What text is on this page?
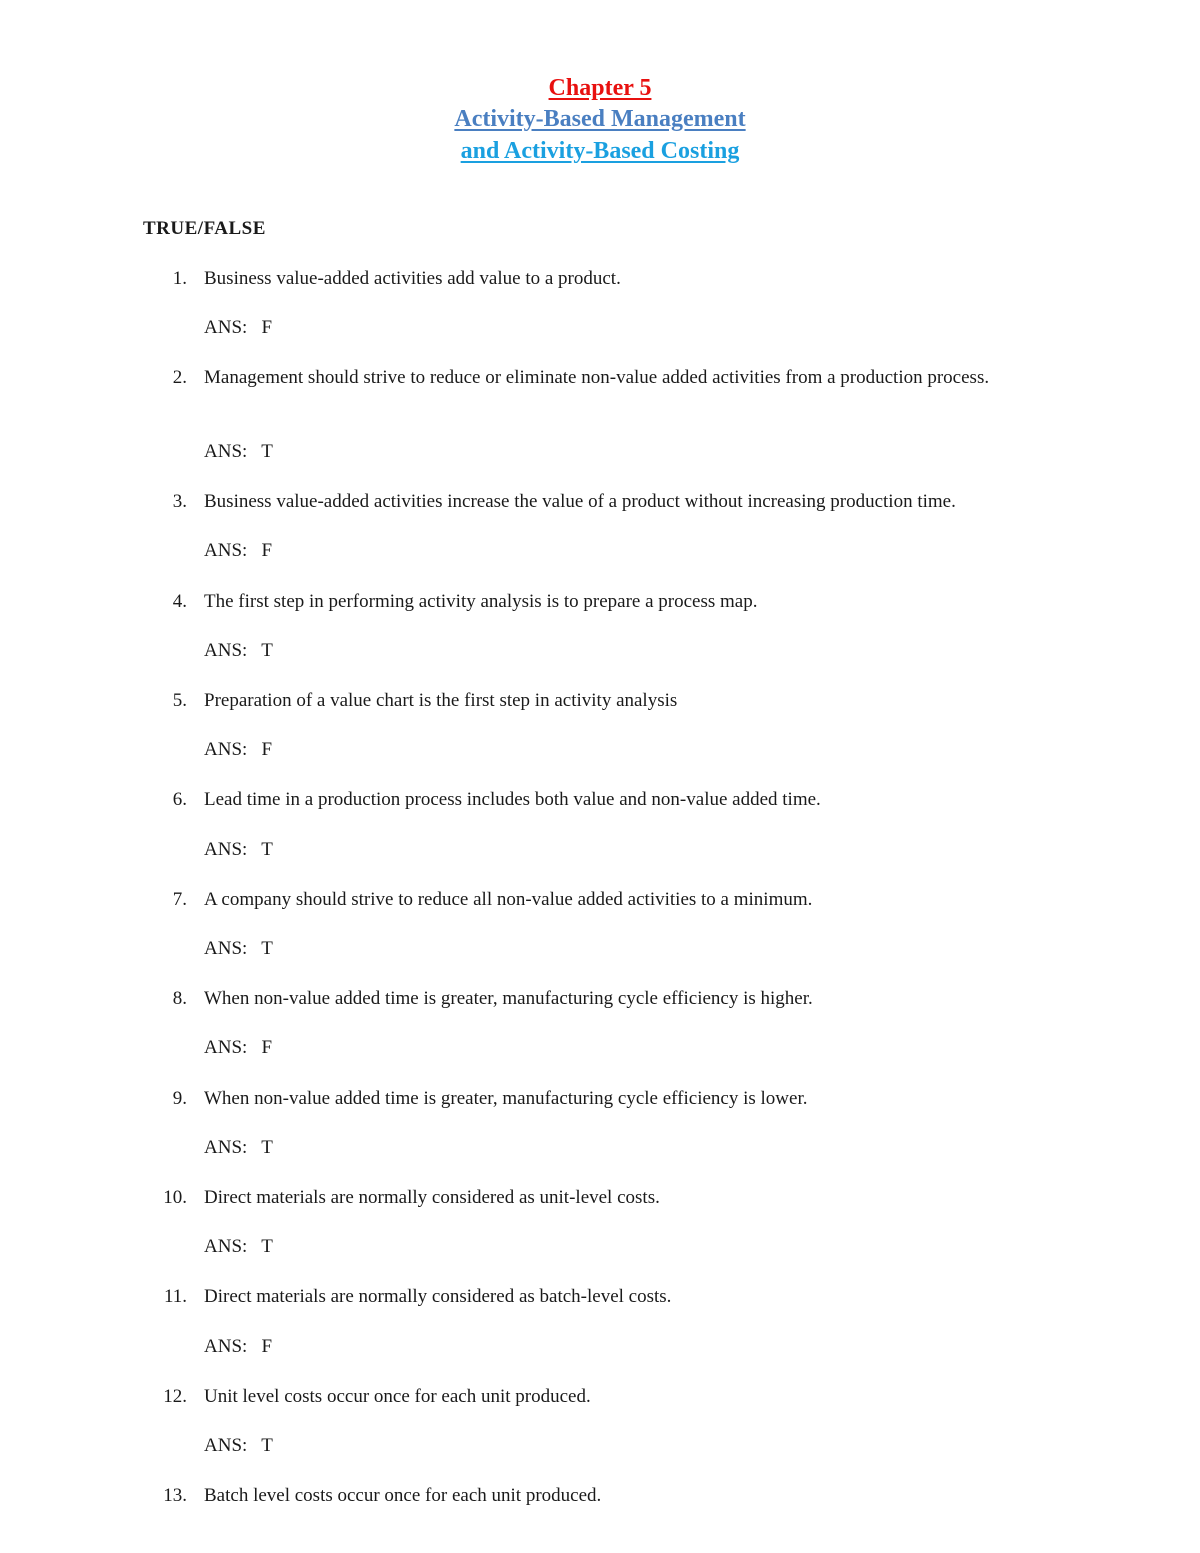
Chapter 5
Activity-Based Management
and Activity-Based Costing
TRUE/FALSE
1. Business value-added activities add value to a product.
ANS:   F
2. Management should strive to reduce or eliminate non-value added activities from a production process.
ANS:   T
3. Business value-added activities increase the value of a product without increasing production time.
ANS:   F
4. The first step in performing activity analysis is to prepare a process map.
ANS:   T
5. Preparation of a value chart is the first step in activity analysis
ANS:   F
6. Lead time in a production process includes both value and non-value added time.
ANS:   T
7. A company should strive to reduce all non-value added activities to a minimum.
ANS:   T
8. When non-value added time is greater, manufacturing cycle efficiency is higher.
ANS:   F
9. When non-value added time is greater, manufacturing cycle efficiency is lower.
ANS:   T
10. Direct materials are normally considered as unit-level costs.
ANS:   T
11. Direct materials are normally considered as batch-level costs.
ANS:   F
12. Unit level costs occur once for each unit produced.
ANS:   T
13. Batch level costs occur once for each unit produced.
